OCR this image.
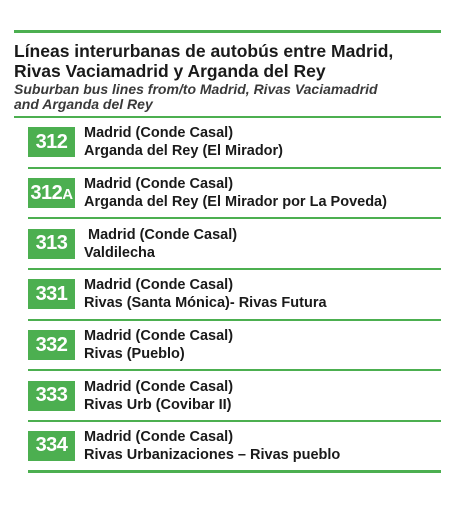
Líneas interurbanas de autobús entre Madrid,
Rivas Vaciamadrid y Arganda del Rey
Suburban bus lines from/to Madrid, Rivas Vaciamadrid
and Arganda del Rey
312 Madrid (Conde Casal)
Arganda del Rey (El Mirador)
312 A
Madrid (Conde Casal)
Arganda del Rey (El Mirador por La Poveda)
313 Madrid (Conde Casal)
Valdilecha
331 Madrid (Conde Casal)
Rivas (Santa Mónica)- Rivas Futura
332 Madrid (Conde Casal)
Rivas (Pueblo)
333 Madrid (Conde Casal)
Rivas Urb (Covibar II)
334 Madrid (Conde Casal)
Rivas Urbanizaciones – Rivas pueblo
